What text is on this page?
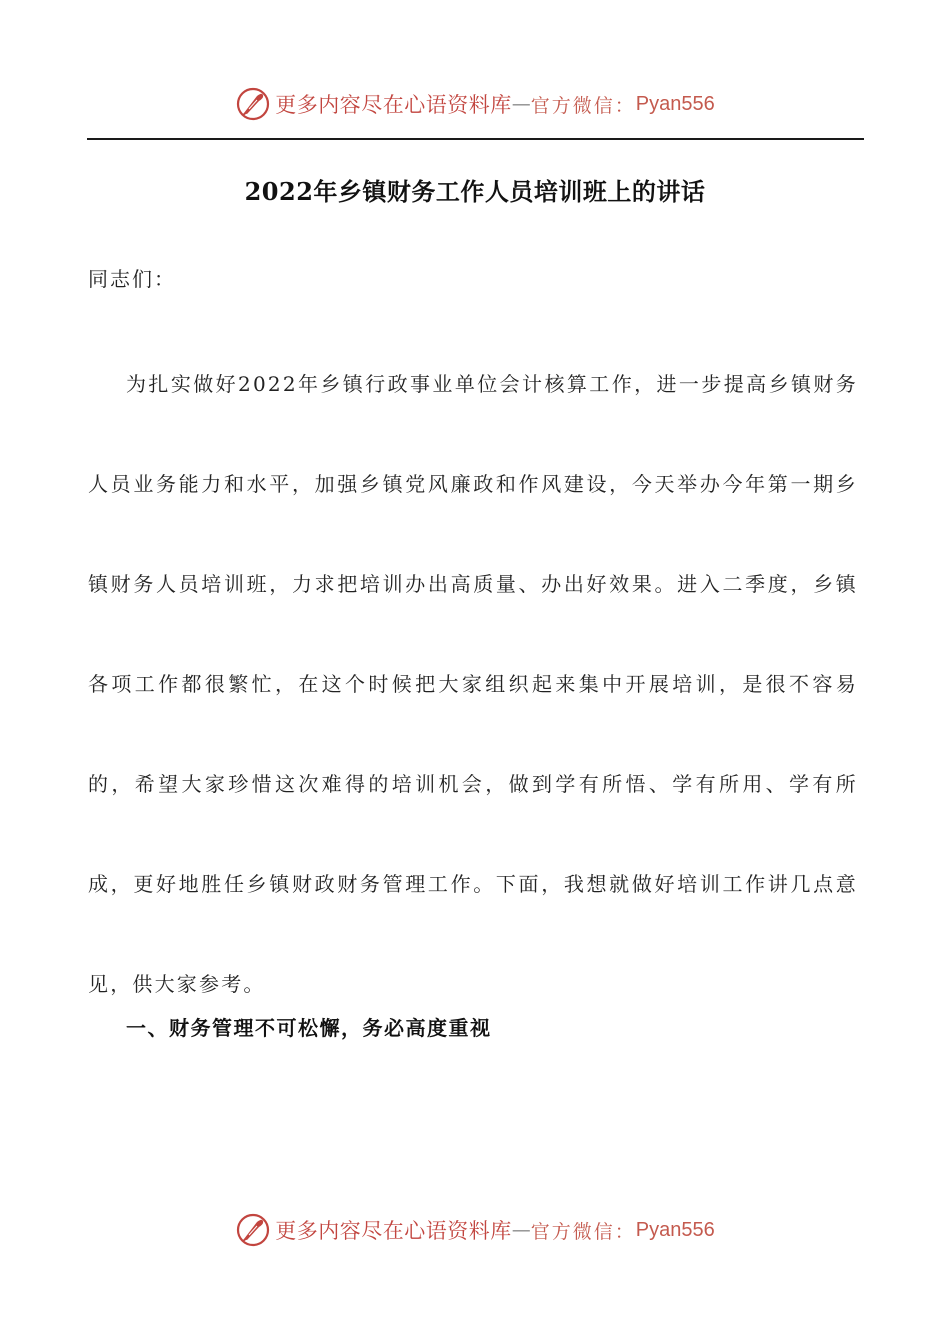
更多内容尽在心语资料库 — 官方微信： Pyan556
2022年乡镇财务工作人员培训班上的讲话
同志们：

为扎实做好2022年乡镇行政事业单位会计核算工作，进一步提高乡镇财务人员业务能力和水平，加强乡镇党风廉政和作风建设，今天举办今年第一期乡镇财务人员培训班，力求把培训办出高质量、办出好效果。进入二季度，乡镇各项工作都很繁忙，在这个时候把大家组织起来集中开展培训，是很不容易的，希望大家珍惜这次难得的培训机会，做到学有所悟、学有所用、学有所成，更好地胜任乡镇财政财务管理工作。下面，我想就做好培训工作讲几点意见，供大家参考。

一、财务管理不可松懈，务必高度重视
更多内容尽在心语资料库 — 官方微信： Pyan556
